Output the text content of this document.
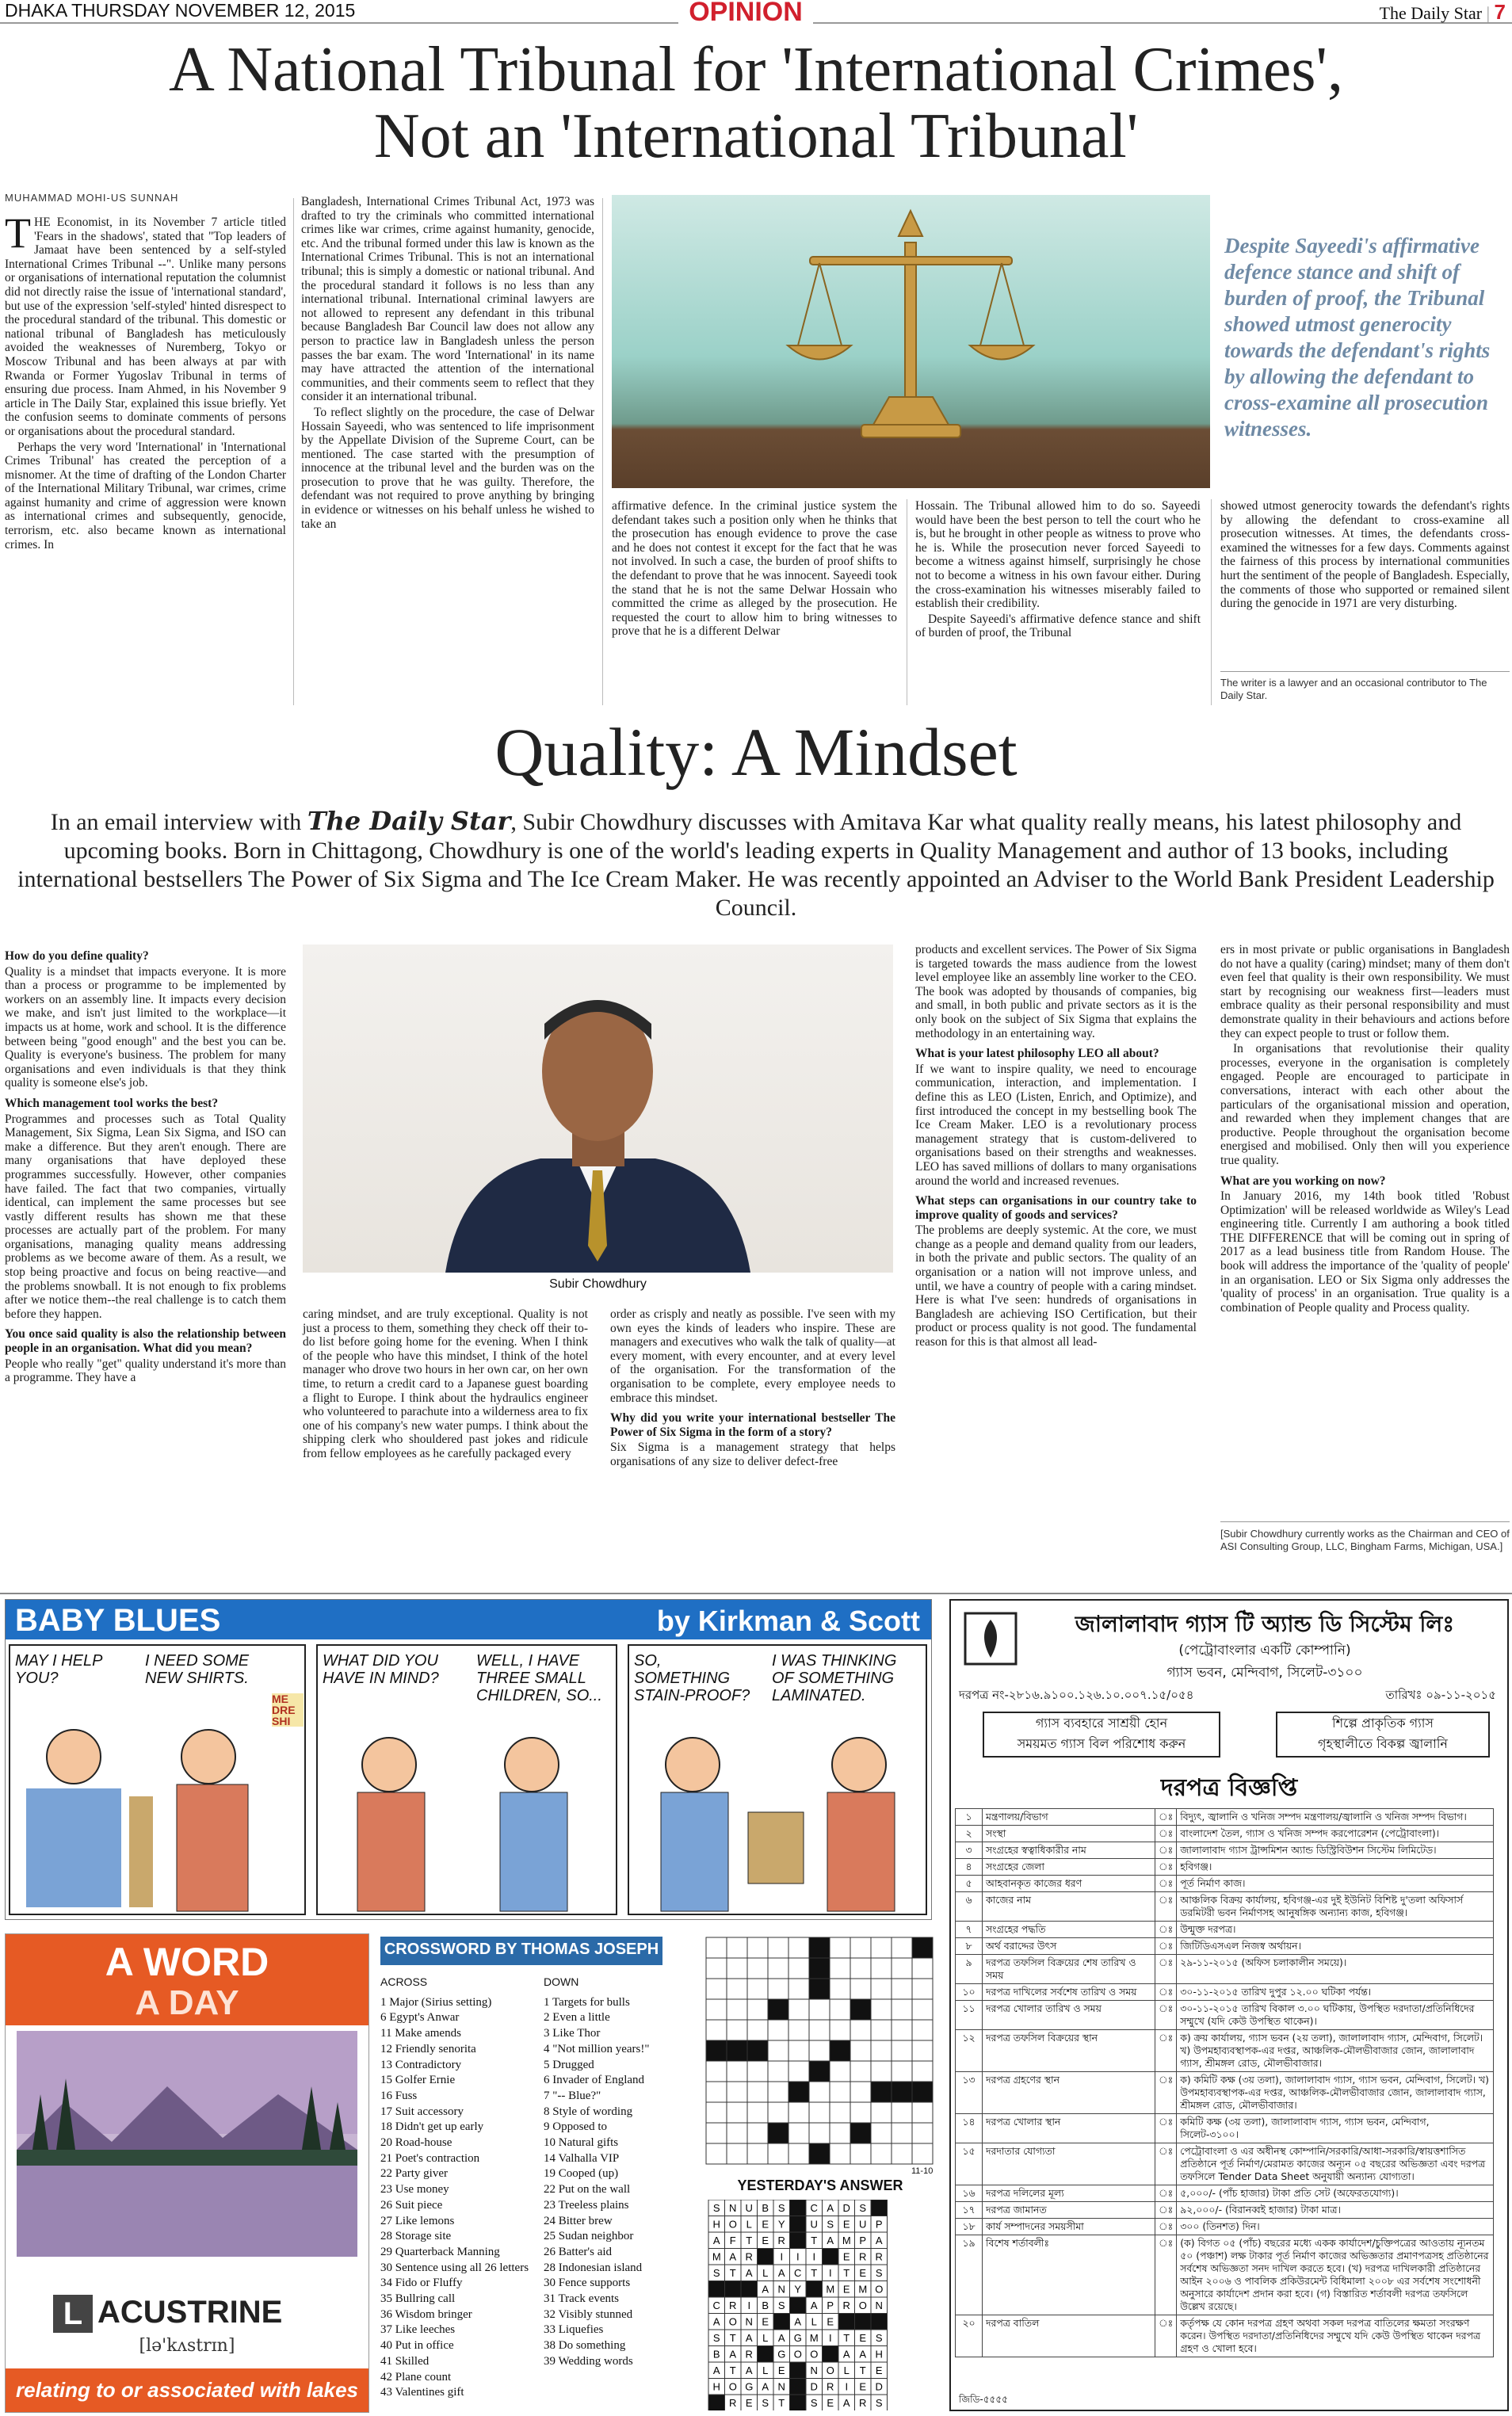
DHAKA THURSDAY NOVEMBER 12, 2015	OPINION	The Daily Star | 7
A National Tribunal for 'International Crimes',
Not an 'International Tribunal'
MUHAMMAD MOHI-US SUNNAH

THE Economist, in its November 7 article titled 'Fears in the shadows', stated that "Top leaders of Jamaat have been sentenced by a self-styled International Crimes Tribunal --". Unlike many persons or organisations of international reputation the columnist did not directly raise the issue of 'international standard', but use of the expression 'self-styled' hinted disrespect to the procedural standard of the tribunal. This domestic or national tribunal of Bangladesh has meticulously avoided the weaknesses of Nuremberg, Tokyo or Moscow Tribunal and has been always at par with Rwanda or Former Yugoslav Tribunal in terms of ensuring due process. Inam Ahmed, in his November 9 article in The Daily Star, explained this issue briefly. Yet the confusion seems to dominate comments of persons or organisations about the procedural standard.

Perhaps the very word 'International' in 'International Crimes Tribunal' has created the perception of a misnomer. At the time of drafting of the London Charter of the International Military Tribunal, war crimes, crime against humanity and crime of aggression were known as international crimes and subsequently, genocide, terrorism, etc. also became known as international crimes. In

Bangladesh, International Crimes Tribunal Act, 1973 was drafted to try the criminals who committed international crimes like war crimes, crime against humanity, genocide, etc. And the tribunal formed under this law is known as the International Crimes Tribunal. This is not an international tribunal; this is simply a domestic or national tribunal. And the procedural standard it follows is no less than any international tribunal. International criminal lawyers are not allowed to represent any defendant in this tribunal because Bangladesh Bar Council law does not allow any person to practice law in Bangladesh unless the person passes the bar exam. The word 'International' in its name may have attracted the attention of the international communities, and their comments seem to reflect that they consider it an international tribunal.

To reflect slightly on the procedure, the case of Delwar Hossain Sayeedi, who was sentenced to life imprisonment by the Appellate Division of the Supreme Court, can be mentioned. The case started with the presumption of innocence at the tribunal level and the burden was on the prosecution to prove that he was guilty. Therefore, the defendant was not required to prove anything by bringing in evidence or witnesses on his behalf unless he wished to take an

Despite Sayeedi's affirmative defence stance and shift of burden of proof, the Tribunal showed utmost generocity towards the defendant's rights by allowing the defendant to cross-examine all prosecution witnesses.

affirmative defence. In the criminal justice system the defendant takes such a position only when he thinks that the prosecution has enough evidence to prove the case and he does not contest it except for the fact that he was not involved. In such a case, the burden of proof shifts to the defendant to prove that he was innocent. Sayeedi took the stand that he is not the same Delwar Hossain who committed the crime as alleged by the prosecution. He requested the court to allow him to bring witnesses to prove that he is a different Delwar

Hossain. The Tribunal allowed him to do so. Sayeedi would have been the best person to tell the court who he is, but he brought in other people as witness to prove who he is. While the prosecution never forced Sayeedi to become a witness against himself, surprisingly he chose not to become a witness in his own favour either. During the cross-examination his witnesses miserably failed to establish their credibility.

Despite Sayeedi's affirmative defence stance and shift of burden of proof, the Tribunal

showed utmost generocity towards the defendant's rights by allowing the defendant to cross-examine all prosecution witnesses. At times, the defendants cross-examined the witnesses for a few days. Comments against the fairness of this process by international communities hurt the sentiment of the people of Bangladesh. Especially, the comments of those who supported or remained silent during the genocide in 1971 are very disturbing.

The writer is a lawyer and an occasional contributor to The Daily Star.
Quality: A Mindset
In an email interview with The Daily Star, Subir Chowdhury discusses with Amitava Kar what quality really means, his latest philosophy and upcoming books. Born in Chittagong, Chowdhury is one of the world's leading experts in Quality Management and author of 13 books, including international bestsellers The Power of Six Sigma and The Ice Cream Maker. He was recently appointed an Adviser to the World Bank President Leadership Council.

How do you define quality?

Quality is a mindset that impacts everyone. It is more than a process or programme to be implemented by workers on an assembly line. It impacts every decision we make, and isn't just limited to the workplace—it impacts us at home, work and school. It is the difference between being "good enough" and the best you can be. Quality is everyone's business. The problem for many organisations and even individuals is that they think quality is someone else's job.

Which management tool works the best?

Programmes and processes such as Total Quality Management, Six Sigma, Lean Six Sigma, and ISO can make a difference. But they aren't enough. There are many organisations that have deployed these programmes successfully. However, other companies have failed. The fact that two companies, virtually identical, can implement the same processes but see vastly different results has shown me that these processes are actually part of the problem. For many organisations, managing quality means addressing problems as we become aware of them. As a result, we stop being proactive and focus on being reactive—and the problems snowball. It is not enough to fix problems after we notice them--the real challenge is to catch them before they happen.

You once said quality is also the relationship between people in an organisation. What did you mean?

People who really "get" quality understand it's more than a programme. They have a

Subir Chowdhury

caring mindset, and are truly exceptional. Quality is not just a process to them, something they check off their to-do list before going home for the evening. When I think of the people who have this mindset, I think of the hotel manager who drove two hours in her own car, on her own time, to return a credit card to a Japanese guest boarding a flight to Europe. I think about the hydraulics engineer who volunteered to parachute into a wilderness area to fix one of his company's new water pumps. I think about the shipping clerk who shouldered past jokes and ridicule from fellow employees as he carefully packaged every

order as crisply and neatly as possible. I've seen with my own eyes the kinds of leaders who inspire. These are managers and executives who walk the talk of quality—at every moment, with every encounter, and at every level of the organisation. For the transformation of the organisation to be complete, every employee needs to embrace this mindset.

Why did you write your international bestseller The Power of Six Sigma in the form of a story?

Six Sigma is a management strategy that helps organisations of any size to deliver defect-free

products and excellent services. The Power of Six Sigma is targeted towards the mass audience from the lowest level employee like an assembly line worker to the CEO. The book was adopted by thousands of companies, big and small, in both public and private sectors as it is the only book on the subject of Six Sigma that explains the methodology in an entertaining way.

What is your latest philosophy LEO all about?

If we want to inspire quality, we need to encourage communication, interaction, and implementation. I define this as LEO (Listen, Enrich, and Optimize), and first introduced the concept in my bestselling book The Ice Cream Maker. LEO is a revolutionary process management strategy that is custom-delivered to organisations based on their strengths and weaknesses. LEO has saved millions of dollars to many organisations around the world and increased revenues.

What steps can organisations in our country take to improve quality of goods and services?

The problems are deeply systemic. At the core, we must change as a people and demand quality from our leaders, in both the private and public sectors. The quality of an organisation or a nation will not improve unless, and until, we have a country of people with a caring mindset. Here is what I've seen: hundreds of organisations in Bangladesh are achieving ISO Certification, but their product or process quality is not good. The fundamental reason for this is that almost all lead-

ers in most private or public organisations in Bangladesh do not have a quality (caring) mindset; many of them don't even feel that quality is their own responsibility. We must start by recognising our weakness first—leaders must embrace quality as their personal responsibility and must demonstrate quality in their behaviours and actions before they can expect people to trust or follow them.

In organisations that revolutionise their quality processes, everyone in the organisation is completely engaged. People are encouraged to participate in conversations, interact with each other about the particulars of the organisational mission and operation, and rewarded when they implement changes that are productive. People throughout the organisation become energised and mobilised. Only then will you experience true quality.

What are you working on now?

In January 2016, my 14th book titled 'Robust Optimization' will be released worldwide as Wiley's Lead engineering title. Currently I am authoring a book titled THE DIFFERENCE that will be coming out in spring of 2017 as a lead business title from Random House. The book will address the importance of the 'quality of people' in an organisation. LEO or Six Sigma only addresses the 'quality of process' in an organisation. True quality is a combination of People quality and Process quality.

[Subir Chowdhury currently works as the Chairman and CEO of ASI Consulting Group, LLC, Bingham Farms, Michigan, USA.]
BABY BLUES	by Kirkman & Scott
MAY I HELP YOU?
I NEED SOME NEW SHIRTS.
ME DRE SHI
WHAT DID YOU HAVE IN MIND?
WELL, I HAVE THREE SMALL CHILDREN, SO...
SO, SOMETHING STAIN-PROOF?
I WAS THINKING OF SOMETHING LAMINATED.
A WORD
A DAY
L ACUSTRINE
[lə'kʌstrɪn]
relating to or associated with lakes
CROSSWORD BY THOMAS JOSEPH
ACROSS
1 Major (Sirius setting)
6 Egypt's Anwar
11 Make amends
12 Friendly senorita
13 Contradictory
15 Golfer Ernie
16 Fuss
17 Suit accessory
18 Didn't get up early
20 Road-house
21 Poet's contraction
22 Party giver
23 Use money
26 Suit piece
27 Like lemons
28 Storage site
29 Quarterback Manning
30 Sentence using all 26 letters
34 Fido or Fluffy
35 Bullring call
36 Wisdom bringer
37 Like leeches
40 Put in office
41 Skilled
42 Plane count
43 Valentines gift
DOWN
1 Targets for bulls
2 Even a little
3 Like Thor
4 "Not million years!"
5 Drugged
6 Invader of England
7 "-- Blue?"
8 Style of wording
9 Opposed to
10 Natural gifts
14 Valhalla VIP
19 Cooped (up)
22 Put on the wall
23 Treeless plains
24 Bitter brew
25 Sudan neighbor
26 Batter's aid
28 Indonesian island
30 Fence supports
31 Track events
32 Visibly stunned
33 Liquefies
38 Do something
39 Wedding words
11-10
YESTERDAY'S ANSWER
S N U B S C A D S
H O L E Y U S E U P
A F T E R T A M P A
M A R	I I I	E R R
S T A L A C T I T E S
A N Y M E M O
C R I B S A P R O N
A O N E A L E
S T A L A G M I T E S
B A R G O O A A H
A T A L E N O L T E
H O G A N D R I E D
R E S T	S E A R S
জালালাবাদ গ্যাস টি অ্যান্ড ডি সিস্টেম লিঃ
(পেট্রোবাংলার একটি কোম্পানি)
গ্যাস ভবন, মেন্দিবাগ, সিলেট-৩১০০
দরপত্র নং-২৮১৬.৯১০০.১২৬.১০.০০৭.১৫/০৫৪	তারিখঃ ০৯-১১-২০১৫
গ্যাস ব্যবহারে সাশ্রয়ী হোন
সময়মত গ্যাস বিল পরিশোধ করুন
শিল্পে প্রাকৃতিক গ্যাস
গৃহস্থালীতে বিকল্প জ্বালানি
দরপত্র বিজ্ঞপ্তি
জিডি-৫৫৫৫
১	মন্ত্রণালয়/বিভাগ	ঃ	বিদ্যুৎ, জ্বালানি ও খনিজ সম্পদ মন্ত্রণালয়/জ্বালানি ও খনিজ সম্পদ বিভাগ।
২	সংস্থা	ঃ	বাংলাদেশ তৈল, গ্যাস ও খনিজ সম্পদ করপোরেশন (পেট্রোবাংলা)।
৩	সংগ্রহের স্বত্বাধিকারীর নাম	ঃ	জালালাবাদ গ্যাস ট্রান্সমিশন অ্যান্ড ডিস্ট্রিবিউশন সিস্টেম লিমিটেড।
৪	সংগ্রহের জেলা	ঃ	হবিগঞ্জ।
৫	আহবানকৃত কাজের ধরণ	ঃ	পূর্ত নির্মাণ কাজ।
৬	কাজের নাম	ঃ	আঞ্চলিক বিক্রয় কার্যালয়, হবিগঞ্জ-এর দুই ইউনিট বিশিষ্ট দু'তলা অফিসার্স ডরমিটরী ভবন নির্মাণসহ আনুষঙ্গিক অন্যান্য কাজ, হবিগঞ্জ।
৭	সংগ্রহের পদ্ধতি	ঃ	উন্মুক্ত দরপত্র।
৮	অর্থ বরাদ্দের উৎস	ঃ	জিটিডিএসএল নিজস্ব অর্থায়ন।
৯	দরপত্র তফসিল বিক্রয়ের শেষ তারিখ ও সময়	ঃ	২৯-১১-২০১৫ (অফিস চলাকালীন সময়ে)।
১০	দরপত্র দাখিলের সর্বশেষ তারিখ ও সময়	ঃ	৩০-১১-২০১৫ তারিখ দুপুর ১২.০০ ঘটিকা পর্যন্ত।
১১	দরপত্র খোলার তারিখ ও সময়	ঃ	৩০-১১-২০১৫ তারিখ বিকাল ৩.০০ ঘটিকায়, উপস্থিত দরদাতা/প্রতিনিধিদের সম্মুখে (যদি কেউ উপস্থিত থাকেন)।
১২	দরপত্র তফসিল বিক্রয়ের স্থান	ঃ	ক) ক্রয় কার্যালয়, গ্যাস ভবন (২য় তলা), জালালাবাদ গ্যাস, মেন্দিবাগ, সিলেট। খ) উপমহাব্যবস্থাপক-এর দপ্তর, আঞ্চলিক-মৌলভীবাজার জোন, জালালাবাদ গ্যাস, শ্রীমঙ্গল রোড, মৌলভীবাজার।
১৩	দরপত্র গ্রহণের স্থান	ঃ	ক) কমিটি কক্ষ (৩য় তলা), জালালাবাদ গ্যাস, গ্যাস ভবন, মেন্দিবাগ, সিলেট। খ) উপমহাব্যবস্থাপক-এর দপ্তর, আঞ্চলিক-মৌলভীবাজার জোন, জালালাবাদ গ্যাস, শ্রীমঙ্গল রোড, মৌলভীবাজার।
১৪	দরপত্র খোলার স্থান	ঃ	কমিটি কক্ষ (৩য় তলা), জালালাবাদ গ্যাস, গ্যাস ভবন, মেন্দিবাগ, সিলেট-৩১০০।
১৫	দরদাতার যোগ্যতা	ঃ	পেট্রোবাংলা ও এর অধীনস্থ কোম্পানি/সরকারি/আধা-সরকারি/স্বায়ত্তশাসিত প্রতিষ্ঠানে পূর্ত নির্মাণ/মেরামত কাজের অন্যূন ০৫ বছরের অভিজ্ঞতা এবং দরপত্র তফসিলে Tender Data Sheet অনুযায়ী অন্যান্য যোগ্যতা।
১৬	দরপত্র দলিলের মূল্য	ঃ	৫,০০০/- (পাঁচ হাজার) টাকা প্রতি সেট (অফেরতযোগ্য)।
১৭	দরপত্র জামানত	ঃ	৯২,০০০/- (বিরানব্বই হাজার) টাকা মাত্র।
১৮	কার্য সম্পাদনের সময়সীমা	ঃ	৩০০ (তিনশত) দিন।
১৯	বিশেষ শর্তাবলীঃ	ঃ	(ক) বিগত ০৫ (পাঁচ) বছরের মধ্যে একক কার্যাদেশ/চুক্তিপত্রের আওতায় ন্যূনতম ৫০ (পঞ্চাশ) লক্ষ টাকার পূর্ত নির্মাণ কাজের অভিজ্ঞতার প্রমাণপত্রসহ প্রতিষ্ঠানের সর্বশেষ অভিজ্ঞতা সনদ দাখিল করতে হবে। (খ) দরপত্র দাখিলকারী প্রতিষ্ঠানের আইন ২০০৬ ও পাবলিক প্রকিউরমেন্ট বিধিমালা ২০০৮ এর সর্বশেষ সংশোধনী অনুসারে কার্যাদেশ প্রদান করা হবে। (গ) বিস্তারিত শর্তাবলী দরপত্র তফসিলে উল্লেখ রয়েছে।
২০	দরপত্র বাতিল	ঃ	কর্তৃপক্ষ যে কোন দরপত্র গ্রহণ অথবা সকল দরপত্র বাতিলের ক্ষমতা সংরক্ষণ করেন। উপস্থিত দরদাতা/প্রতিনিধিদের সম্মুখে যদি কেউ উপস্থিত থাকেন দরপত্র গ্রহণ ও খোলা হবে।
